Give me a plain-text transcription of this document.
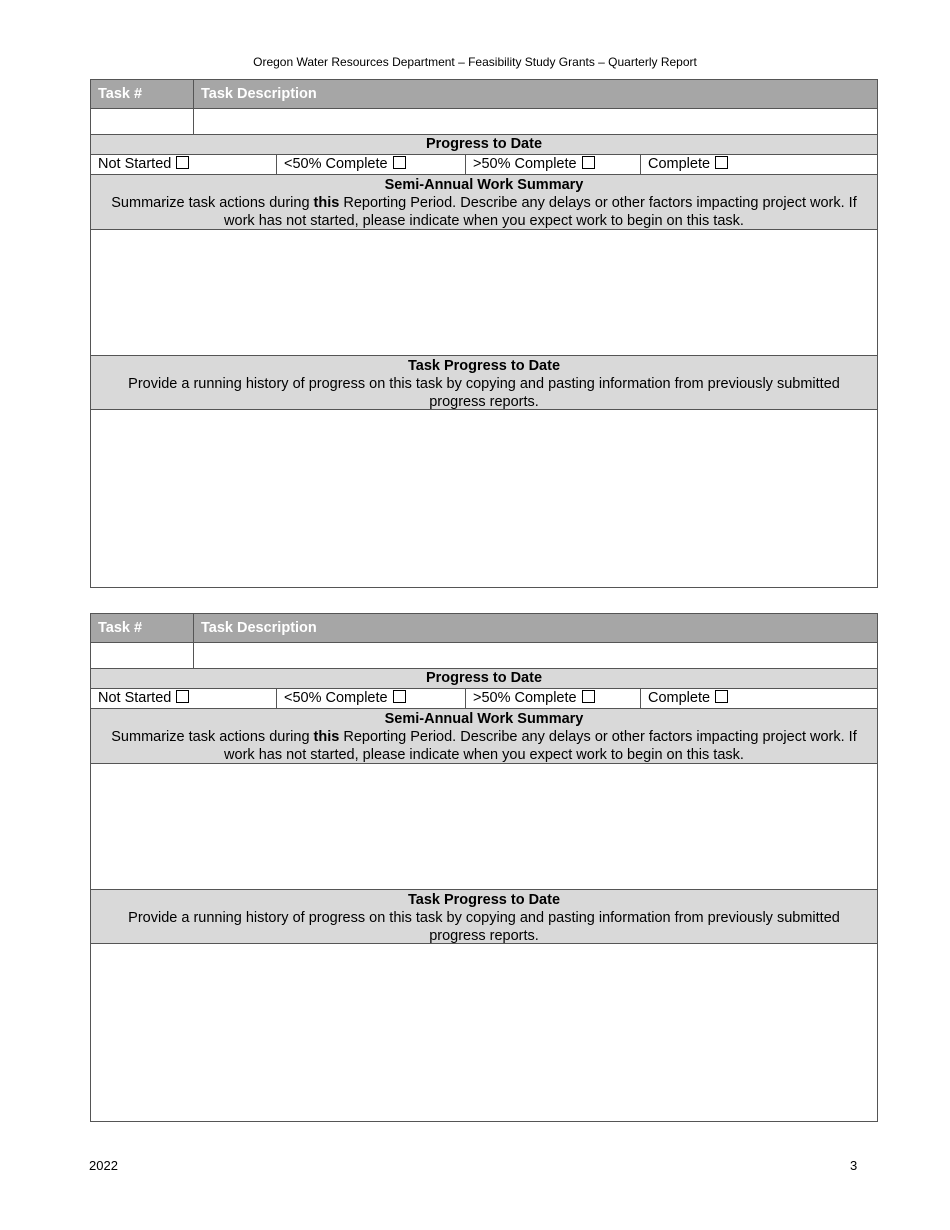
Oregon Water Resources Department – Feasibility Study Grants – Quarterly Report
Task #	Task Description
Progress to Date
Not Started	<50% Complete	>50% Complete	Complete
Semi-Annual Work Summary
Summarize task actions during this Reporting Period. Describe any delays or other factors impacting project work. If work has not started, please indicate when you expect work to begin on this task.
Task Progress to Date
Provide a running history of progress on this task by copying and pasting information from previously submitted progress reports.
Task #	Task Description
Progress to Date
Not Started	<50% Complete	>50% Complete	Complete
Semi-Annual Work Summary
Summarize task actions during this Reporting Period. Describe any delays or other factors impacting project work. If work has not started, please indicate when you expect work to begin on this task.
Task Progress to Date
Provide a running history of progress on this task by copying and pasting information from previously submitted progress reports.
2022	3
